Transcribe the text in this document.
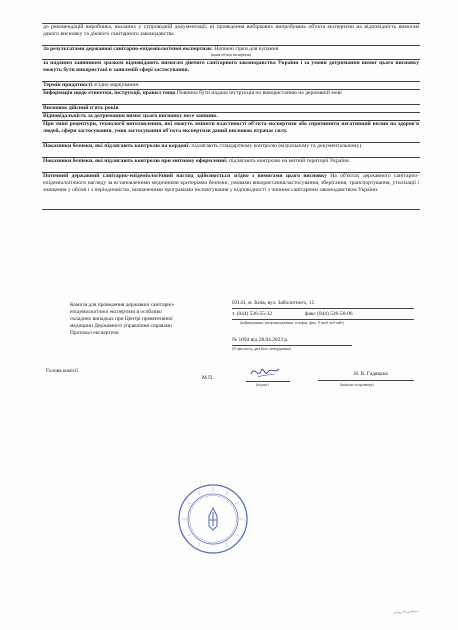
до рекомендацій виробника, вказаних у супровідній документації; в) проведення вибіркових випробувань об'єкта експертизи на відповідність вимогам даного висновку та діючого санітарного законодавства
За результатами державної санітарно-епідеміологічної експертизи: Натяжні гірки для купання
(назва об'єкта експертизи)
за наданим заявником зразком відповідають вимогам діючого санітарного законодавства України і за умови дотримання вимог цього висновку можуть бути використані в заявленій сфері застосування.
Термін придатності згідно маркування.
Інформація щодо етикетки, інструкції, правил тощо Повинна бути надана інструкція по використанню на державній мові
Висновок дійсний п'ять років
Відповідальність за дотримання вимог цього висновку несе заявник.
При зміні рецептури, технології виготовлення, які можуть змінити властивості об'єкта експертизи або спричинити негативний вплив на здоров'я людей, сфери застосування, умов застосування об'єкта експертизи даний висновок втрачає силу.
Показники безпеки, які підлягають контролю на кордоні: підлягають стандартному контролю (візуальному та документальному).
Показники безпеки, які підлягають контролю при митному оформленні: підлягають контролю на митній території України.
Поточний державний санітарно-епідеміологічний нагляд здійснюється згідно з вимогами цього висновку На об'єктах державного санітарно-епідеміологічного нагляду за встановленими медичними критеріями безпеки, умовами використання/застосування, зберігання, транспортування, утилізації і знищення у обсязі і з періодичністю, визначеними програмами інспектування у відповідності з чинним санітарним законодавством України.
Комісія для проведення державної санітарно-
епідеміологічної експертизи в особливо
складних випадках при Центрі превентивної
медицини Державного управління справами
Протокол експертизи
03143, м. Київ, вул. Заболотного, 15
т. (044) 526-55-32	факс (044) 526-50-06
(найменування, місцезнаходження, телефон, факс, E-mail, веб-сайт)
№ 1094 від 28.04.2023 р.
(N протоколу, дата його затвердження)
Голова комісії
М.П.
(підпис)
Н. В. Гадяцька
(ініціали та прізвище)
